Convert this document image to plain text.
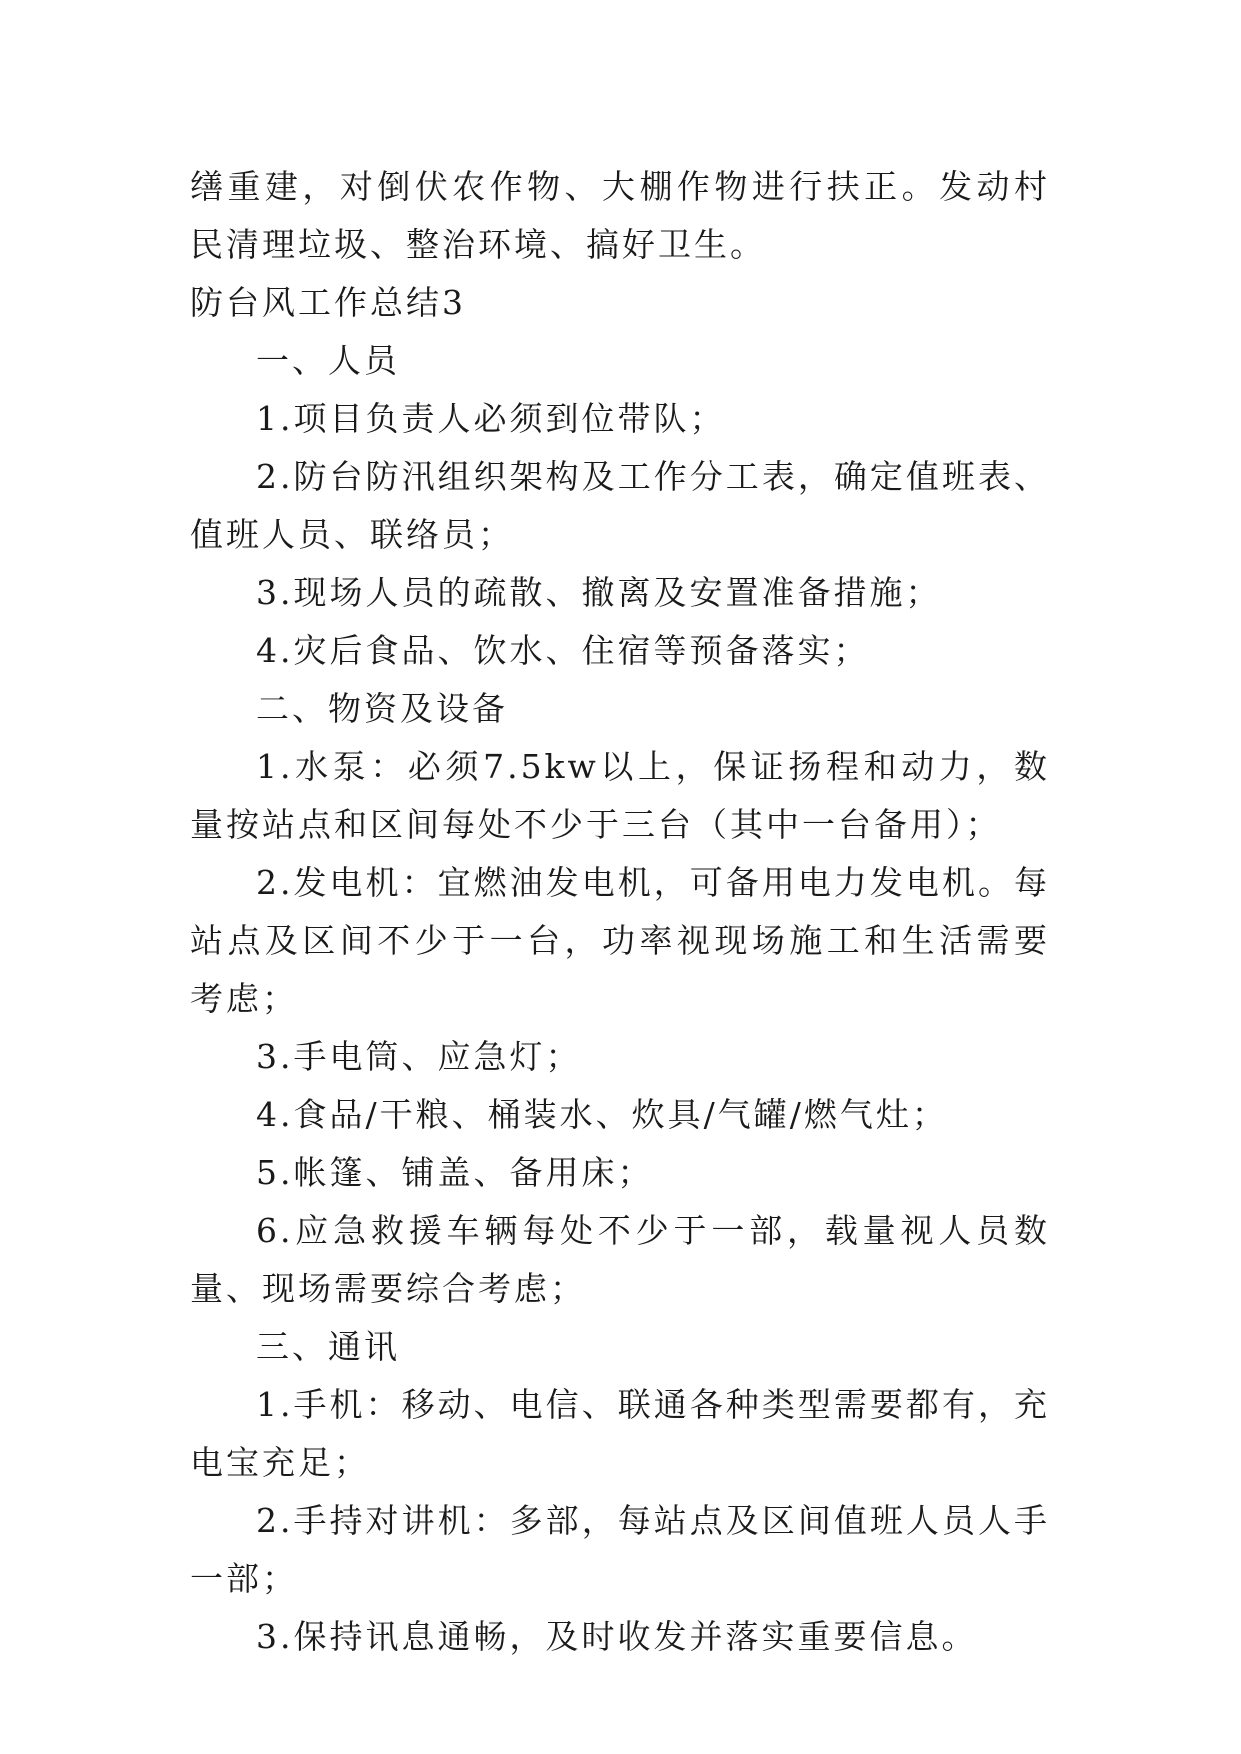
缮重建，对倒伏农作物、大棚作物进行扶正。发动村民清理垃圾、整治环境、搞好卫生。

防台风工作总结3

一、人员

1.项目负责人必须到位带队；

2.防台防汛组织架构及工作分工表，确定值班表、值班人员、联络员；

3.现场人员的疏散、撤离及安置准备措施；

4.灾后食品、饮水、住宿等预备落实；

二、物资及设备

1.水泵：必须7.5kw以上，保证扬程和动力，数量按站点和区间每处不少于三台（其中一台备用）；

2.发电机：宜燃油发电机，可备用电力发电机。每站点及区间不少于一台，功率视现场施工和生活需要考虑；

3.手电筒、应急灯；

4.食品/干粮、桶装水、炊具/气罐/燃气灶；

5.帐篷、铺盖、备用床；

6.应急救援车辆每处不少于一部，载量视人员数量、现场需要综合考虑；

三、通讯

1.手机：移动、电信、联通各种类型需要都有，充电宝充足；

2.手持对讲机：多部，每站点及区间值班人员人手一部；

3.保持讯息通畅，及时收发并落实重要信息。
